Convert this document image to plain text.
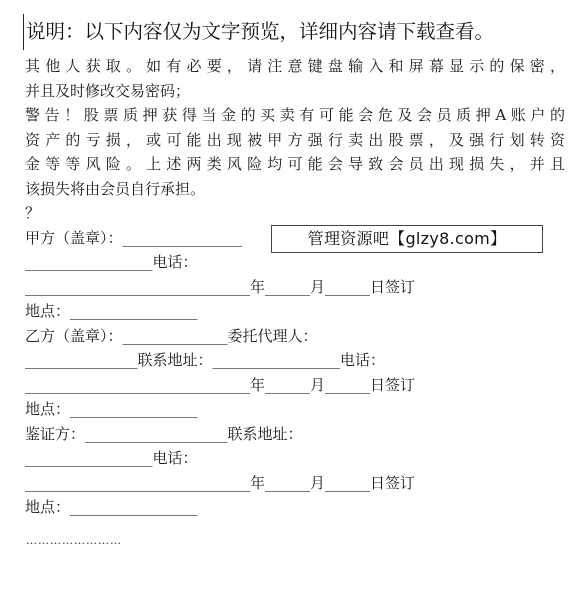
说明：以下内容仅为文字预览，详细内容请下载查看。
其他人获取。如有必要，请注意键盘输入和屏幕显示的保密，
并且及时修改交易密码；
警告！股票质押获得当金的买卖有可能会危及会员质押A账户的
资产的亏损，或可能出现被甲方强行卖出股票，及强行划转资
金等等风险。上述两类风险均可能会导致会员出现损失，并且
该损失将由会员自行承担。
？
甲方（盖章）：________________
_________________电话：
______________________________年______月______日签订
地点：_________________
乙方（盖章）：______________委托代理人：
_______________联系地址：_________________电话：
______________________________年______月______日签订
地点：_________________
鉴证方：___________________联系地址：
_________________电话：
______________________________年______月______日签订
地点：_________________
管理资源吧【glzy8.com】
……………………
